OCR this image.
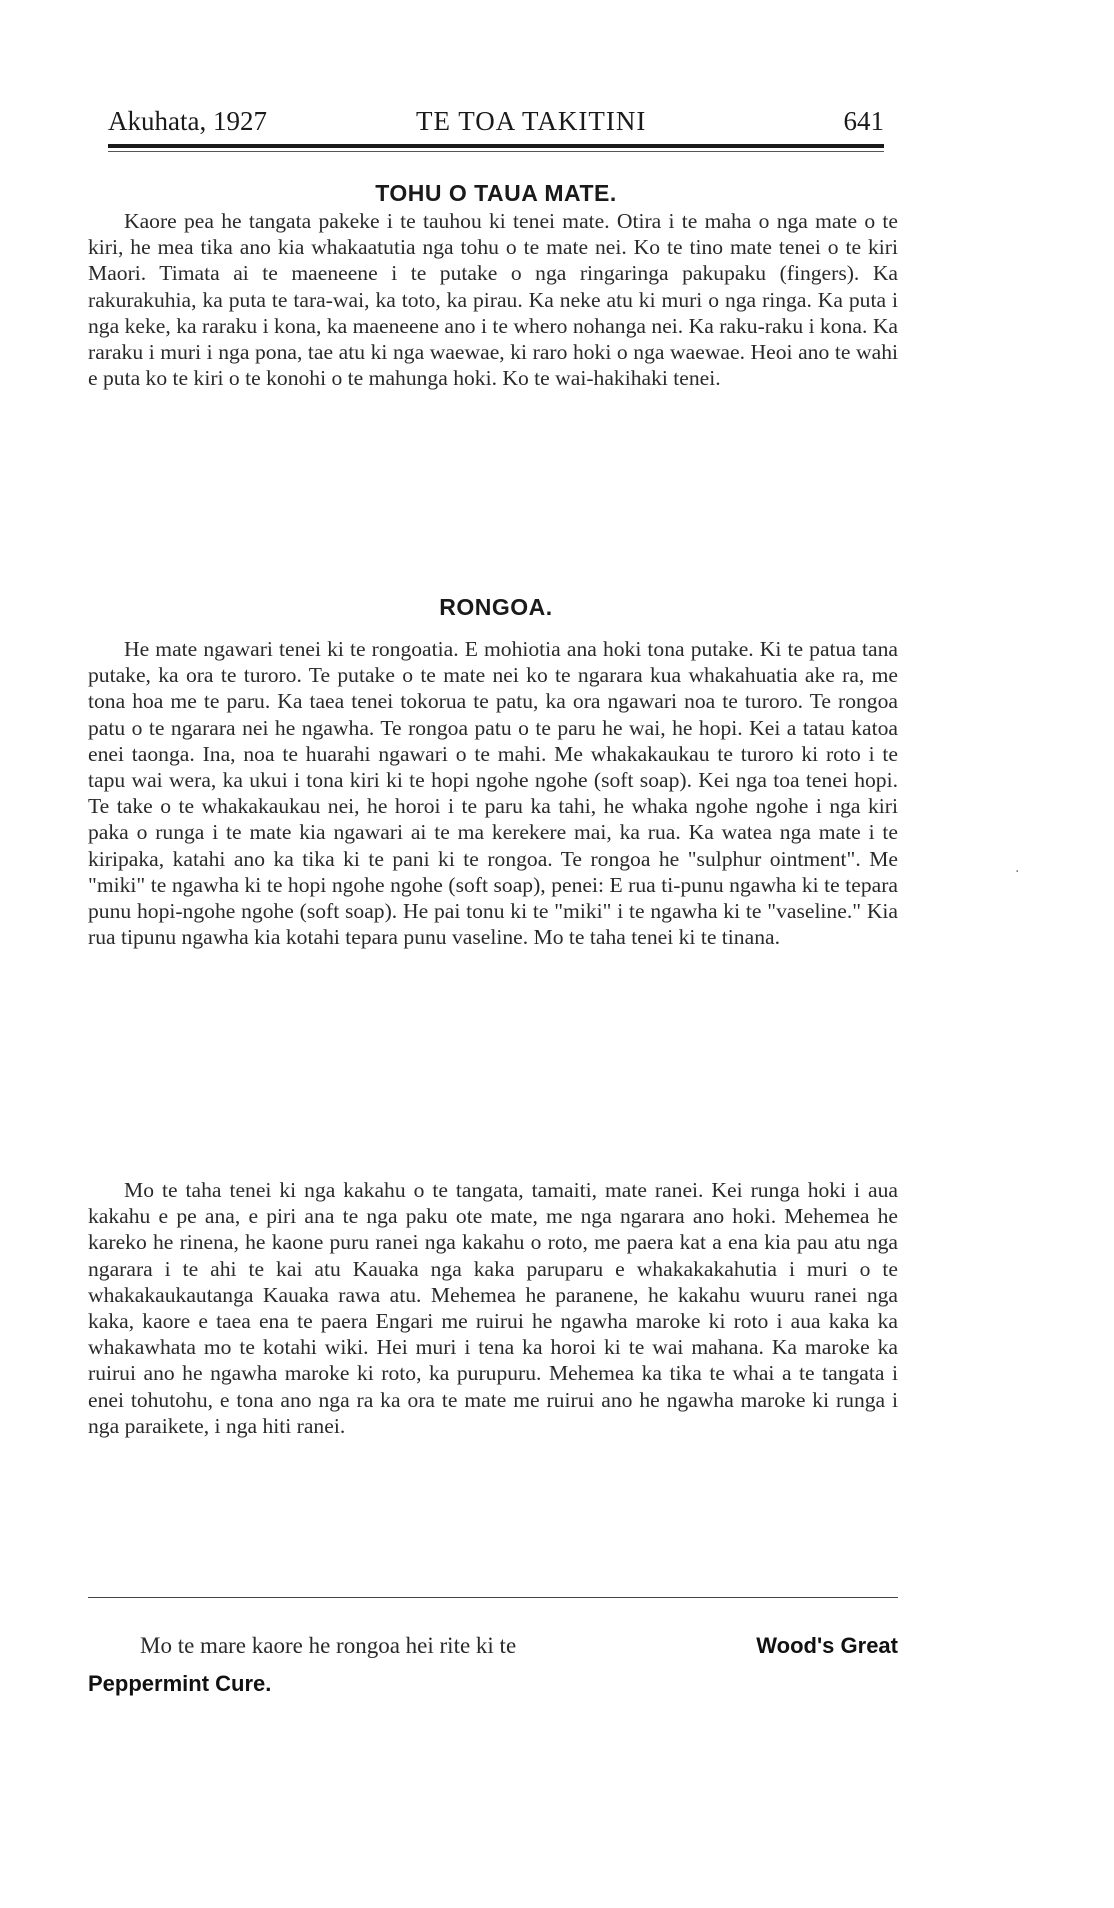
Akuhata, 1927	TE TOA TAKITINI	641
TOHU O TAUA MATE.

Kaore pea he tangata pakeke i te tauhou ki tenei mate. Otira i te maha o nga mate o te kiri, he mea tika ano kia whakaatutia nga tohu o te mate nei. Ko te tino mate tenei o te kiri Maori. Timata ai te maeneene i te putake o nga ringaringa pakupaku (fingers). Ka rakurakuhia, ka puta te tara-wai, ka toto, ka pirau. Ka neke atu ki muri o nga ringa. Ka puta i nga keke, ka raraku i kona, ka maeneene ano i te whero nohanga nei. Ka raku-raku i kona. Ka raraku i muri i nga pona, tae atu ki nga waewae, ki raro hoki o nga waewae. Heoi ano te wahi e puta ko te kiri o te konohi o te mahunga hoki. Ko te wai-hakihaki tenei.

RONGOA.

He mate ngawari tenei ki te rongoatia. E mohiotia ana hoki tona putake. Ki te patua tana putake, ka ora te turoro. Te putake o te mate nei ko te ngarara kua whakahuatia ake ra, me tona hoa me te paru. Ka taea tenei tokorua te patu, ka ora ngawari noa te turoro. Te rongoa patu o te ngarara nei he ngawha. Te rongoa patu o te paru he wai, he hopi. Kei a tatau katoa enei taonga. Ina, noa te huarahi ngawari o te mahi. Me whakakaukau te turoro ki roto i te tapu wai wera, ka ukui i tona kiri ki te hopi ngohe ngohe (soft soap). Kei nga toa tenei hopi. Te take o te whakakaukau nei, he horoi i te paru ka tahi, he whaka ngohe ngohe i nga kiri paka o runga i te mate kia ngawari ai te ma kerekere mai, ka rua. Ka watea nga mate i te kiripaka, katahi ano ka tika ki te pani ki te rongoa. Te rongoa he "sulphur ointment". Me "miki" te ngawha ki te hopi ngohe ngohe (soft soap), penei: E rua ti-punu ngawha ki te tepara punu hopi-ngohe ngohe (soft soap). He pai tonu ki te "miki" i te ngawha ki te "vaseline." Kia rua tipunu ngawha kia kotahi tepara punu vaseline. Mo te taha tenei ki te tinana.

Mo te taha tenei ki nga kakahu o te tangata, tamaiti, mate ranei. Kei runga hoki i aua kakahu e pe ana, e piri ana te nga paku ote mate, me nga ngarara ano hoki. Mehemea he kareko he rinena, he kaone puru ranei nga kakahu o roto, me paera kat a ena kia pau atu nga ngarara i te ahi te kai atu Kauaka nga kaka paruparu e whakakakahutia i muri o te whakakaukautanga Kauaka rawa atu. Mehemea he paranene, he kakahu wuuru ranei nga kaka, kaore e taea ena te paera Engari me ruirui he ngawha maroke ki roto i aua kaka ka whakawhata mo te kotahi wiki. Hei muri i tena ka horoi ki te wai mahana. Ka maroke ka ruirui ano he ngawha maroke ki roto, ka purupuru. Mehemea ka tika te whai a te tangata i enei tohutohu, e tona ano nga ra ka ora te mate me ruirui ano he ngawha maroke ki runga i nga paraikete, i nga hiti ranei.

Mo te mare kaore he rongoa hei rite ki te	Wood's Great
Peppermint Cure.
·
